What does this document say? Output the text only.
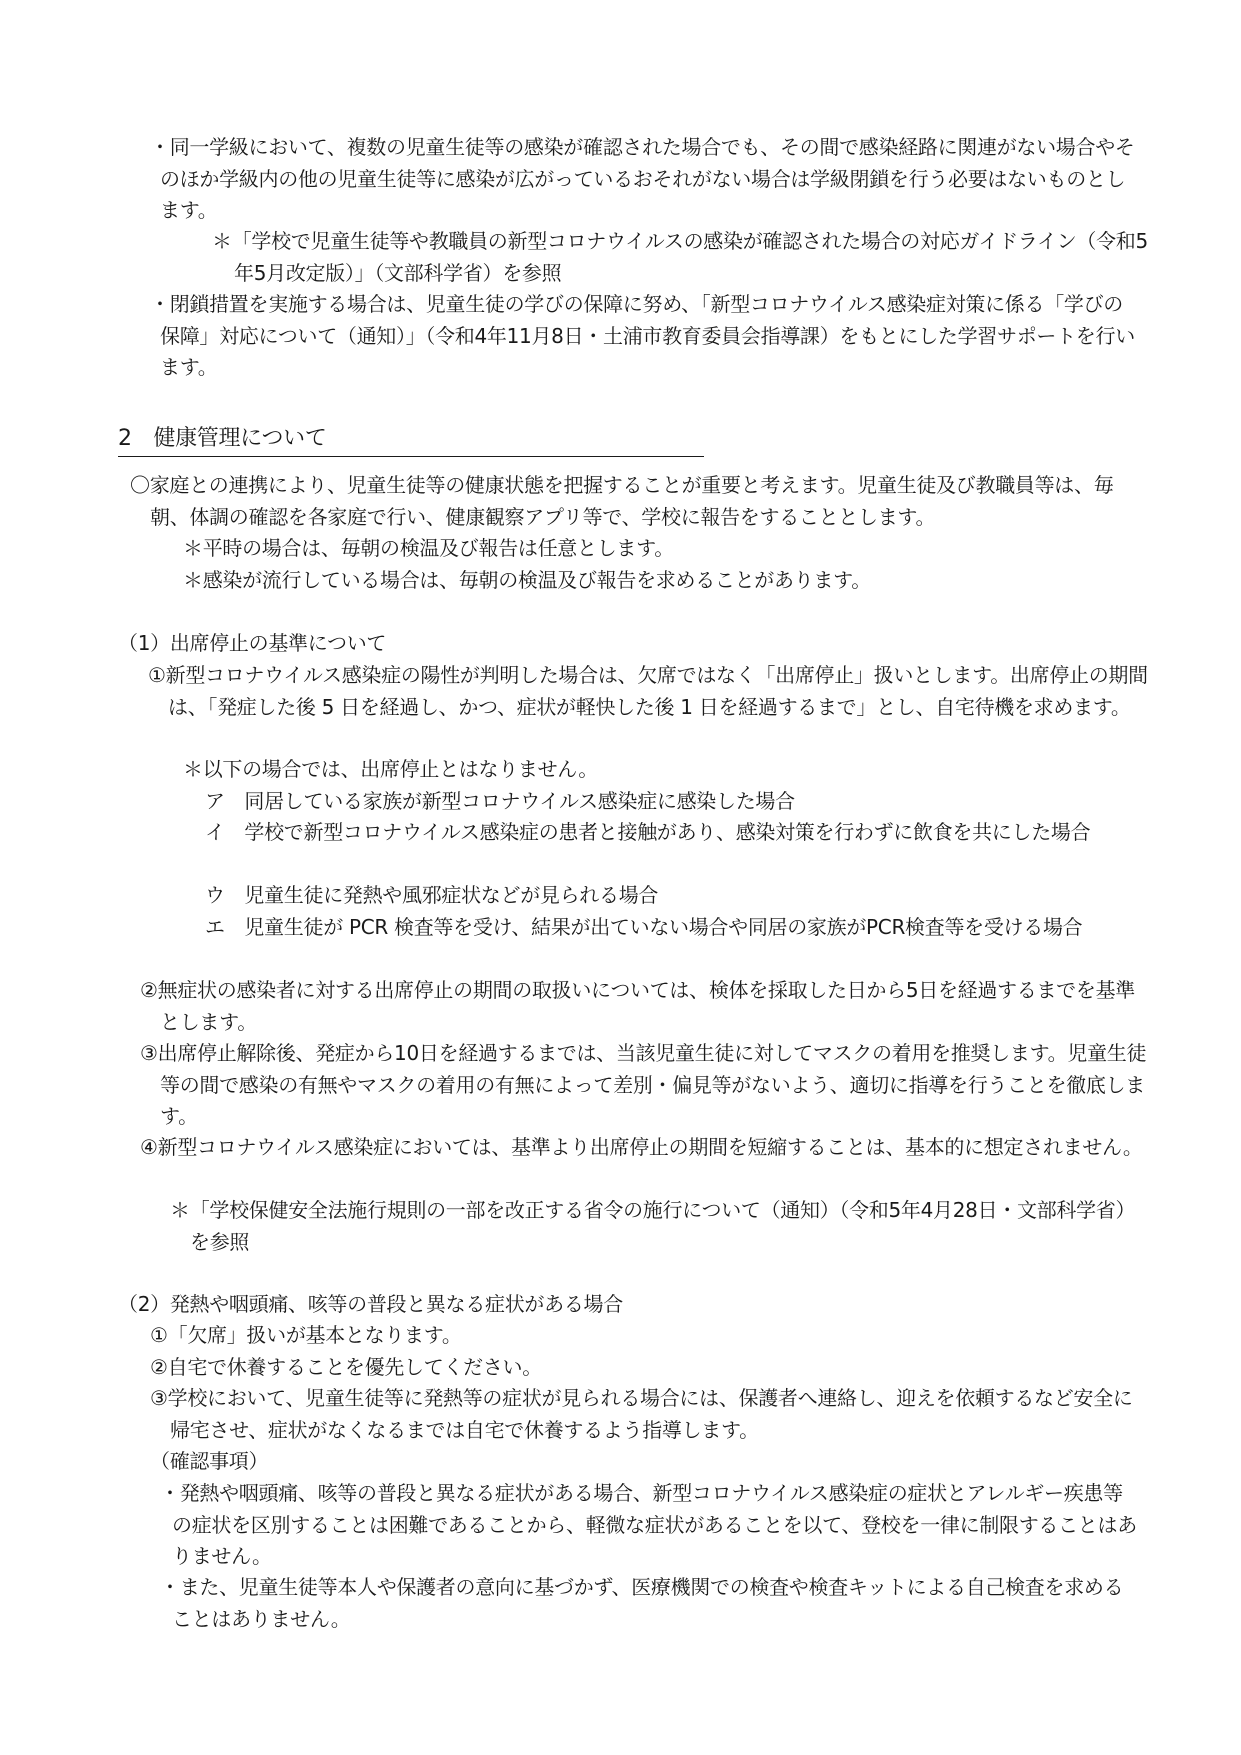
・同一学級において、複数の児童生徒等の感染が確認された場合でも、その間で感染経路に関連がない場合やそのほか学級内の他の児童生徒等に感染が広がっているおそれがない場合は学級閉鎖を行う必要はないものとします。

＊「学校で児童生徒等や教職員の新型コロナウイルスの感染が確認された場合の対応ガイドライン（令和5年5月改定版）」（文部科学省）を参照

・閉鎖措置を実施する場合は、児童生徒の学びの保障に努め、「新型コロナウイルス感染症対策に係る「学びの保障」対応について（通知）」（令和4年11月8日・土浦市教育委員会指導課）をもとにした学習サポートを行います。

2　健康管理について

〇家庭との連携により、児童生徒等の健康状態を把握することが重要と考えます。児童生徒及び教職員等は、毎朝、体調の確認を各家庭で行い、健康観察アプリ等で、学校に報告をすることとします。

＊平時の場合は、毎朝の検温及び報告は任意とします。

＊感染が流行している場合は、毎朝の検温及び報告を求めることがあります。

（1）出席停止の基準について

①新型コロナウイルス感染症の陽性が判明した場合は、欠席ではなく「出席停止」扱いとします。出席停止の期間は、「発症した後 5 日を経過し、かつ、症状が軽快した後 1 日を経過するまで」とし、自宅待機を求めます。

＊以下の場合では、出席停止とはなりません。

ア　同居している家族が新型コロナウイルス感染症に感染した場合

イ　学校で新型コロナウイルス感染症の患者と接触があり、感染対策を行わずに飲食を共にした場合

ウ　児童生徒に発熱や風邪症状などが見られる場合

エ　児童生徒が PCR 検査等を受け、結果が出ていない場合や同居の家族がPCR検査等を受ける場合

②無症状の感染者に対する出席停止の期間の取扱いについては、検体を採取した日から5日を経過するまでを基準とします。

③出席停止解除後、発症から10日を経過するまでは、当該児童生徒に対してマスクの着用を推奨します。児童生徒等の間で感染の有無やマスクの着用の有無によって差別・偏見等がないよう、適切に指導を行うことを徹底します。

④新型コロナウイルス感染症においては、基準より出席停止の期間を短縮することは、基本的に想定されません。

＊「学校保健安全法施行規則の一部を改正する省令の施行について（通知）（令和5年4月28日・文部科学省）を参照

（2）発熱や咽頭痛、咳等の普段と異なる症状がある場合

①「欠席」扱いが基本となります。

②自宅で休養することを優先してください。

③学校において、児童生徒等に発熱等の症状が見られる場合には、保護者へ連絡し、迎えを依頼するなど安全に帰宅させ、症状がなくなるまでは自宅で休養するよう指導します。

（確認事項）

・発熱や咽頭痛、咳等の普段と異なる症状がある場合、新型コロナウイルス感染症の症状とアレルギー疾患等の症状を区別することは困難であることから、軽微な症状があることを以て、登校を一律に制限することはありません。

・また、児童生徒等本人や保護者の意向に基づかず、医療機関での検査や検査キットによる自己検査を求めることはありません。
